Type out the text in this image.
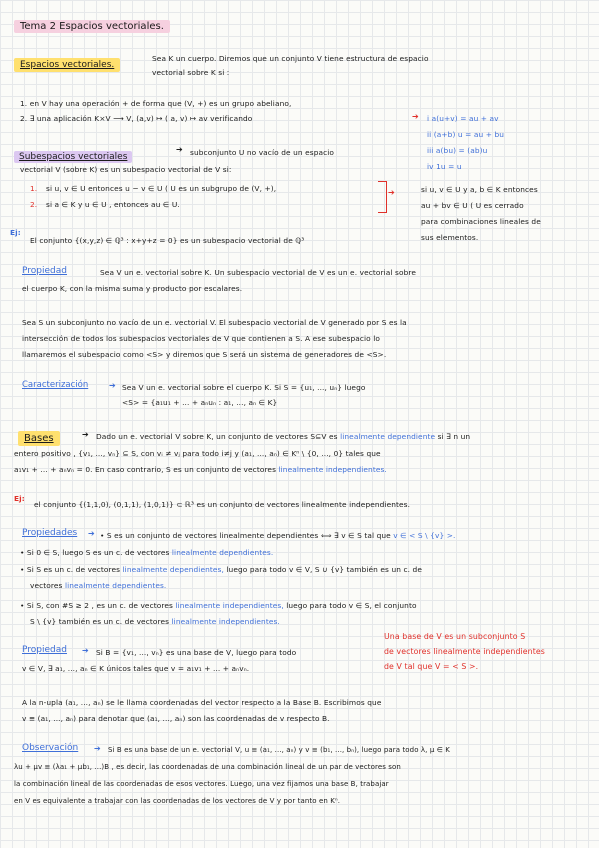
Tema 2 Espacios vectoriales.
Espacios vectoriales.
Sea K un cuerpo. Diremos que un conjunto V tiene estructura de espacio
vectorial sobre K si :
1. en V hay una operación + de forma que (V, +) es un grupo abeliano,
2. ∃ una aplicación K×V ⟶ V, (a,v) ↦ ( a, v) ↦ av verificando	➔ i a(u+v) = au + av
ii (a+b) u = au + bu
iii a(bu) = (ab)u
iv 1u = u
Subespacios vectoriales
➔ subconjunto U no vacío de un espacio
vectorial V (sobre K) es un subespacio vectorial de V si:
1. si u, v ∈ U entonces u − v ∈ U ( U es un subgrupo de (V, +),
2. si a ∈ K y u ∈ U , entonces au ∈ U.
➔	si u, v ∈ U y a, b ∈ K entonces
au + bv ∈ U ( U es cerrado
para combinaciones lineales de
sus elementos.
Ej:
El conjunto {(x,y,z) ∈ ℚ³ : x+y+z = 0} es un subespacio vectorial de ℚ³
Propiedad	Sea V un e. vectorial sobre K. Un subespacio vectorial de V es un e. vectorial sobre
el cuerpo K, con la misma suma y producto por escalares.
Sea S un subconjunto no vacío de un e. vectorial V. El subespacio vectorial de V generado por S es la
intersección de todos los subespacios vectoriales de V que contienen a S. A ese subespacio lo
llamaremos el subespacio como <S> y diremos que S será un sistema de generadores de <S>.
Caracterización	➔ Sea V un e. vectorial sobre el cuerpo K. Si S = {u₁, ..., uₙ} luego
<S> = {a₁u₁ + ... + aₙuₙ : a₁, ..., aₙ ∈ K}
Bases	➔ Dado un e. vectorial V sobre K, un conjunto de vectores S⊆V es linealmente dependiente si ∃ n un
entero positivo , {v₁, ..., vₙ} ⊆ S, con vᵢ ≠ vⱼ para todo i≠j y (a₁, ..., aₙ) ∈ Kⁿ \ {0, ..., 0} tales que
a₁v₁ + ... + aₙvₙ = 0. En caso contrario, S es un conjunto de vectores linealmente independientes.
Ej:
el conjunto {(1,1,0), (0,1,1), (1,0,1)} ⊂ ℝ³ es un conjunto de vectores linealmente independientes.
Propiedades ➔ • S es un conjunto de vectores linealmente dependientes ⟺ ∃ v ∈ S tal que v ∈ < S \ {v} >.
• Si 0 ∈ S, luego S es un c. de vectores linealmente dependientes.
• Si S es un c. de vectores linealmente dependientes, luego para todo v ∈ V, S ∪ {v} también es un c. de
vectores linealmente dependientes.
• Si S, con #S ≥ 2 , es un c. de vectores linealmente independientes, luego para todo v ∈ S, el conjunto
S \ {v} también es un c. de vectores linealmente independientes.
Propiedad ➔ Si B = {v₁, ..., vₙ} es una base de V, luego para todo
v ∈ V, ∃ a₁, ..., aₙ ∈ K únicos tales que v = a₁v₁ + ... + aₙvₙ.
Una base de V es un subconjunto S
de vectores linealmente independientes
de V tal que V = < S >.
A la n-upla (a₁, ..., aₙ) se le llama coordenadas del vector respecto a la Base B. Escribimos que
v ≡ (a₁, ..., aₙ) para denotar que (a₁, ..., aₙ) son las coordenadas de v respecto B.
Observación ➔ Si B es una base de un e. vectorial V, u ≡ (a₁, ..., aₙ) y v ≡ (b₁, ..., bₙ), luego para todo λ, μ ∈ K
λu + μv ≡ (λa₁ + μb₁, ...)B , es decir, las coordenadas de una combinación lineal de un par de vectores son
la combinación lineal de las coordenadas de esos vectores. Luego, una vez fijamos una base B, trabajar
en V es equivalente a trabajar con las coordenadas de los vectores de V y por tanto en Kⁿ.
